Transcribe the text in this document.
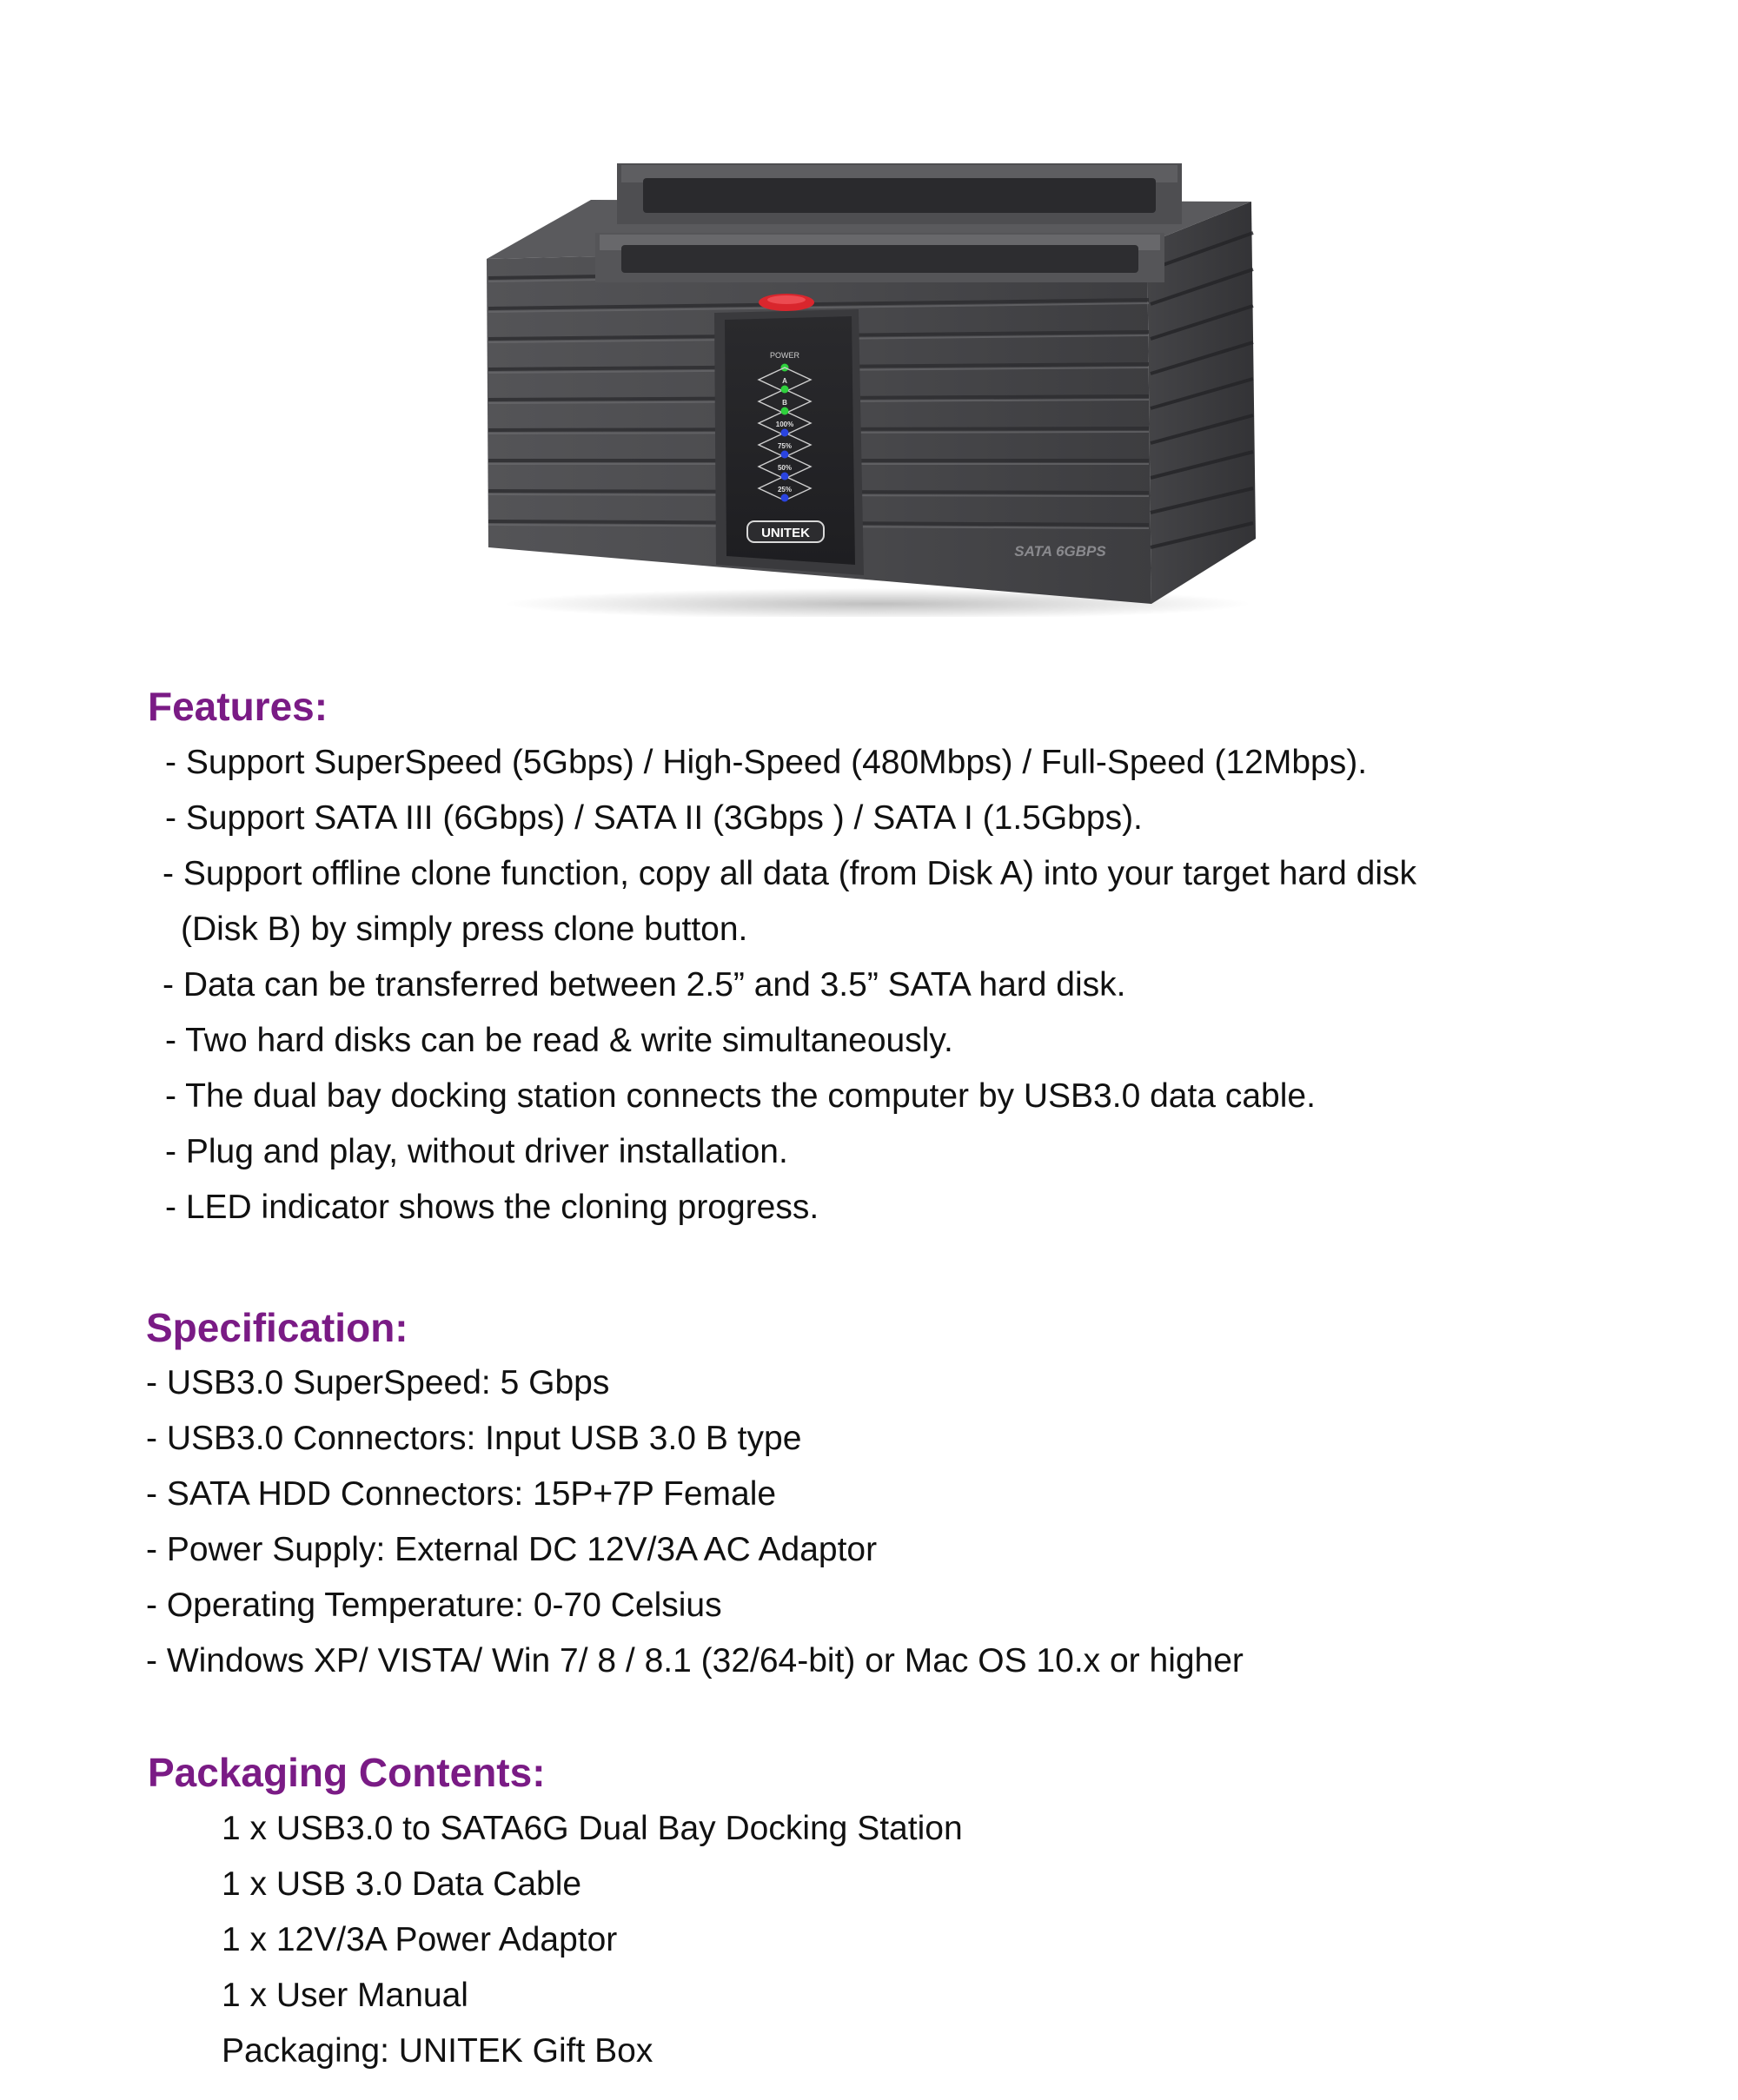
POWER
A
B
100%
75%
50%
25%
UNITEK
SATA 6GBPS
Features:
- Support SuperSpeed (5Gbps) / High-Speed (480Mbps) / Full-Speed (12Mbps).
- Support SATA III (6Gbps) / SATA II (3Gbps ) / SATA I (1.5Gbps).
- Support offline clone function, copy all data (from Disk A) into your target hard disk
(Disk B) by simply press clone button.
- Data can be transferred between 2.5” and 3.5” SATA hard disk.
- Two hard disks can be read & write simultaneously.
- The dual bay docking station connects the computer by USB3.0 data cable.
- Plug and play, without driver installation.
- LED indicator shows the cloning progress.
Specification:
- USB3.0 SuperSpeed: 5 Gbps
- USB3.0 Connectors: Input USB 3.0 B type
- SATA HDD Connectors: 15P+7P Female
- Power Supply: External DC 12V/3A AC Adaptor
- Operating Temperature: 0-70 Celsius
- Windows XP/ VISTA/ Win 7/ 8 / 8.1 (32/64-bit) or Mac OS 10.x or higher
Packaging Contents:
1 x USB3.0 to SATA6G Dual Bay Docking Station
1 x USB 3.0 Data Cable
1 x 12V/3A Power Adaptor
1 x User Manual
Packaging: UNITEK Gift Box
